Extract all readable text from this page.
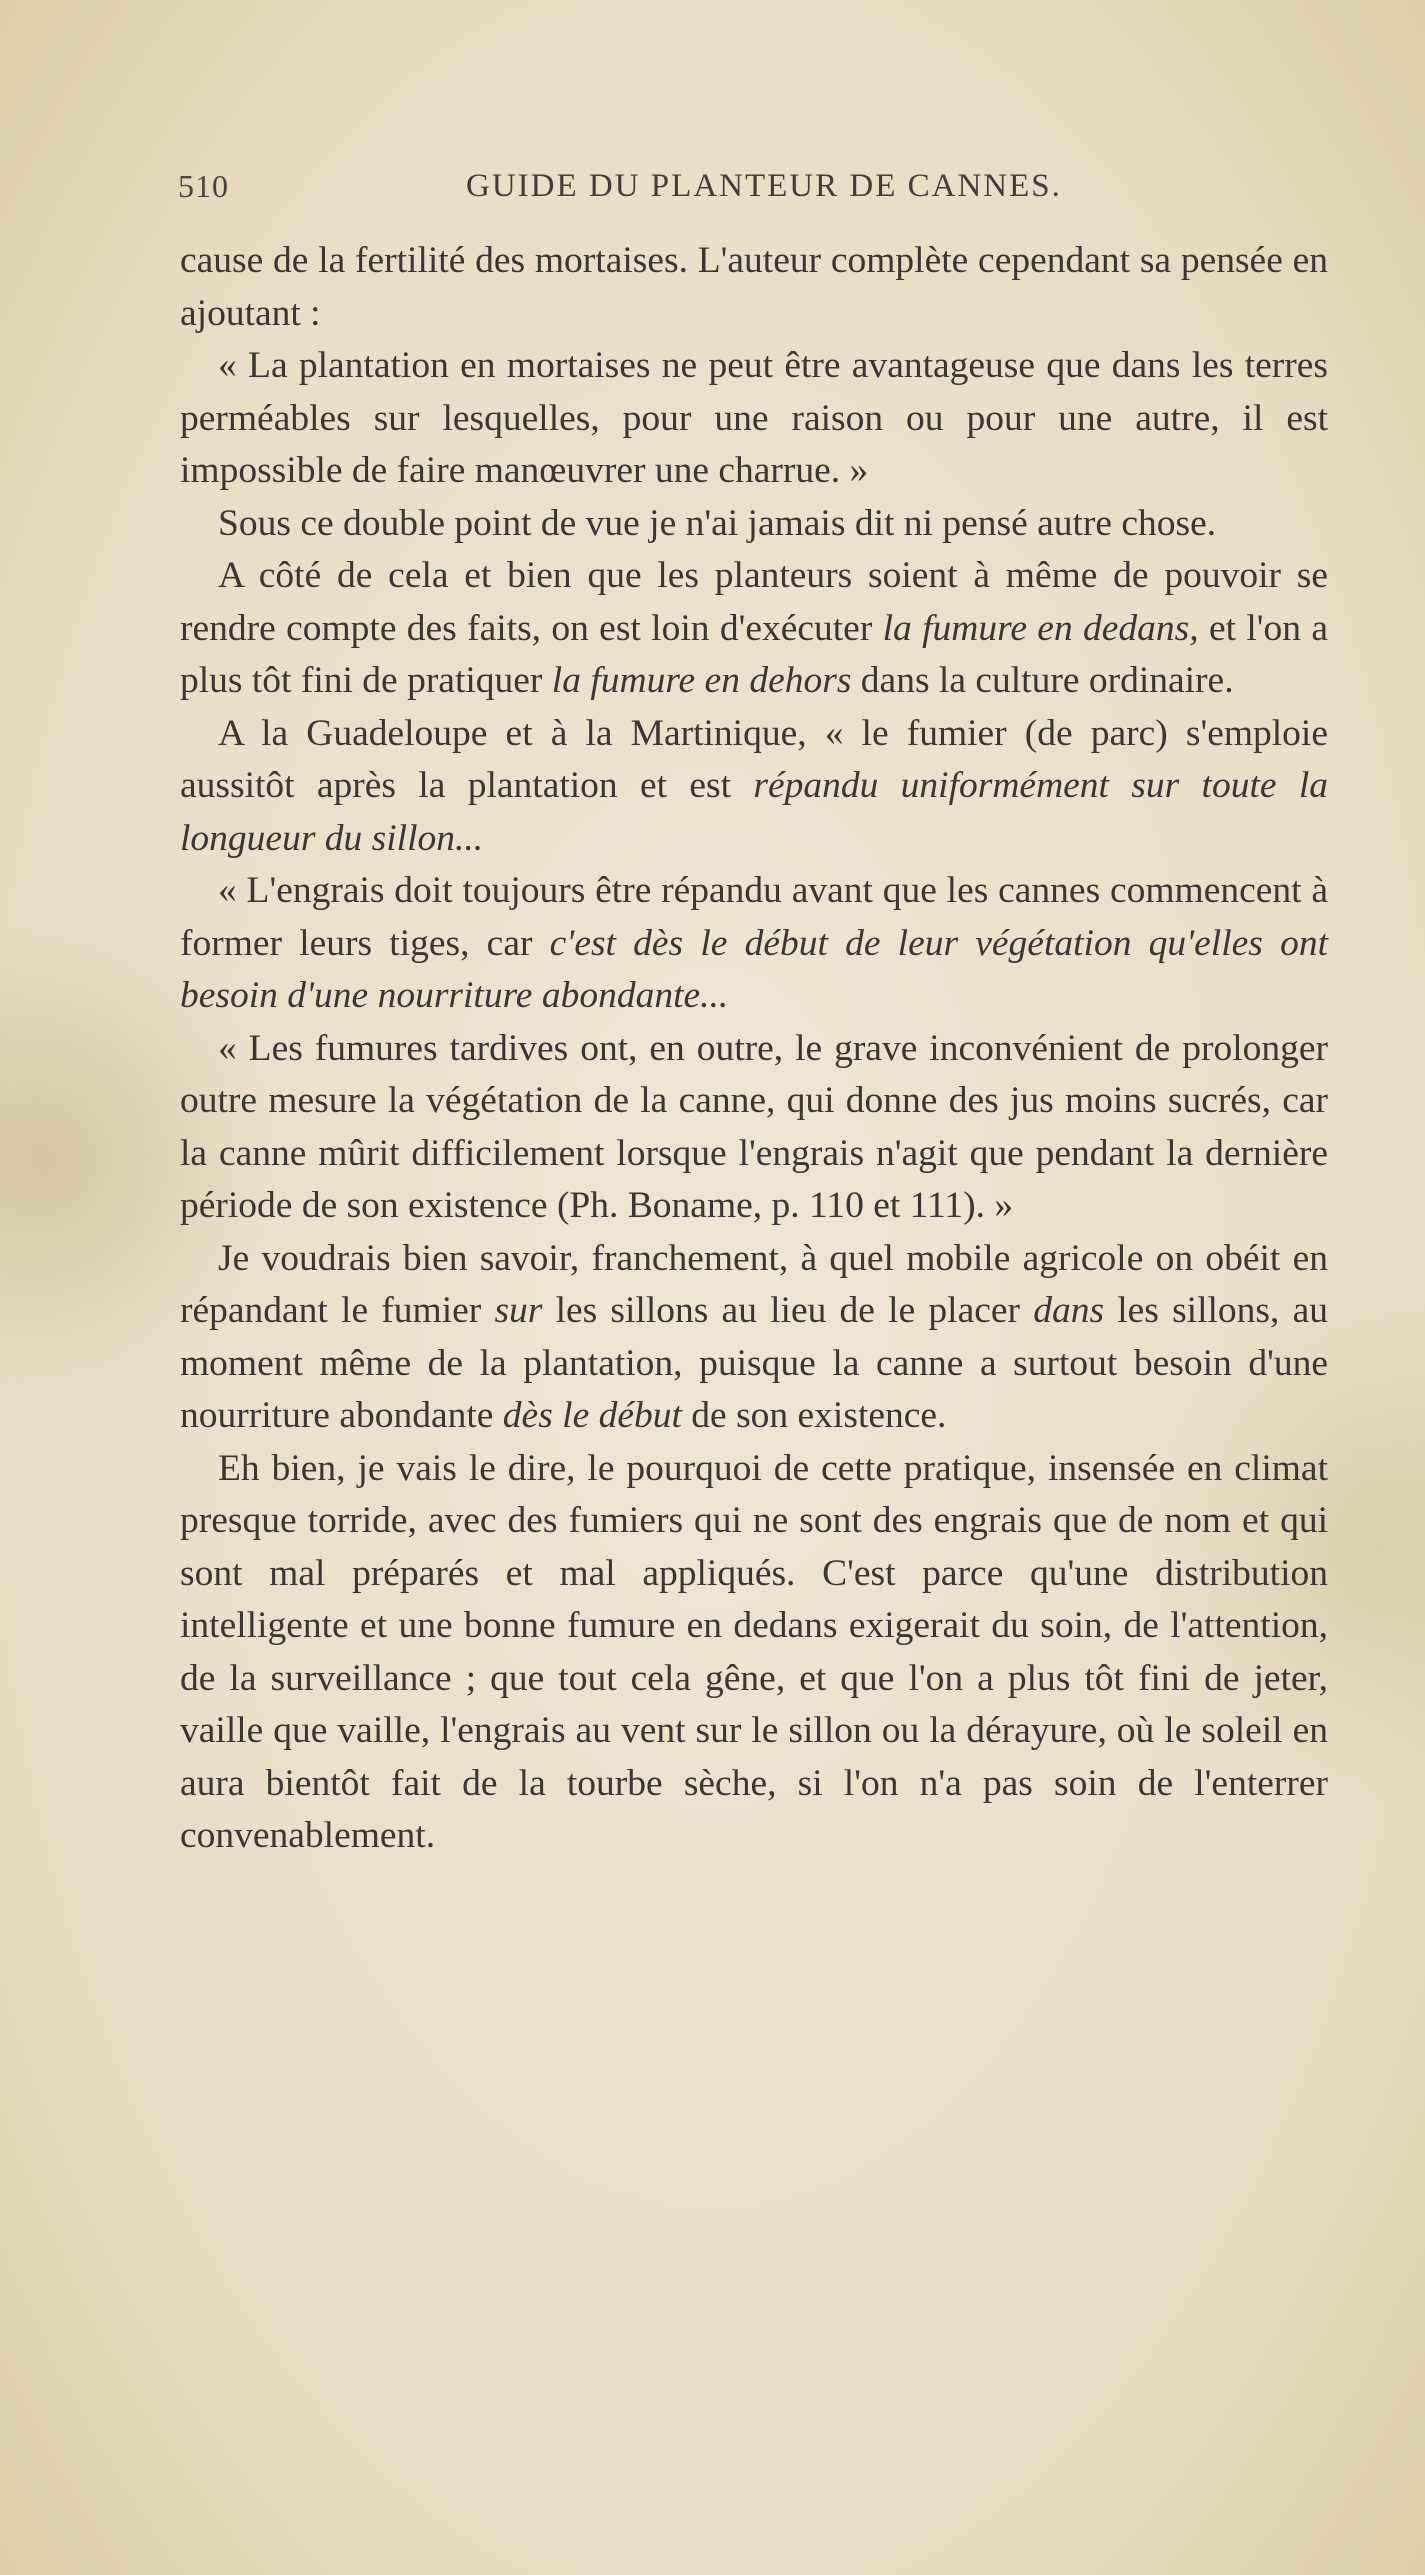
510	GUIDE DU PLANTEUR DE CANNES.

cause de la fertilité des mortaises. L'auteur complète cependant sa pensée en ajoutant :

« La plantation en mortaises ne peut être avantageuse que dans les terres perméables sur lesquelles, pour une raison ou pour une autre, il est impossible de faire manœuvrer une charrue. »

Sous ce double point de vue je n'ai jamais dit ni pensé autre chose.

A côté de cela et bien que les planteurs soient à même de pouvoir se rendre compte des faits, on est loin d'exécuter la fumure en dedans, et l'on a plus tôt fini de pratiquer la fumure en dehors dans la culture ordinaire.

A la Guadeloupe et à la Martinique, « le fumier (de parc) s'emploie aussitôt après la plantation et est répandu uniformément sur toute la longueur du sillon...

« L'engrais doit toujours être répandu avant que les cannes commencent à former leurs tiges, car c'est dès le début de leur végétation qu'elles ont besoin d'une nourriture abondante...

« Les fumures tardives ont, en outre, le grave inconvénient de prolonger outre mesure la végétation de la canne, qui donne des jus moins sucrés, car la canne mûrit difficilement lorsque l'engrais n'agit que pendant la dernière période de son existence (Ph. Boname, p. 110 et 111). »

Je voudrais bien savoir, franchement, à quel mobile agricole on obéit en répandant le fumier sur les sillons au lieu de le placer dans les sillons, au moment même de la plantation, puisque la canne a surtout besoin d'une nourriture abondante dès le début de son existence.

Eh bien, je vais le dire, le pourquoi de cette pratique, insensée en climat presque torride, avec des fumiers qui ne sont des engrais que de nom et qui sont mal préparés et mal appliqués. C'est parce qu'une distribution intelligente et une bonne fumure en dedans exigerait du soin, de l'attention, de la surveillance ; que tout cela gêne, et que l'on a plus tôt fini de jeter, vaille que vaille, l'engrais au vent sur le sillon ou la dérayure, où le soleil en aura bientôt fait de la tourbe sèche, si l'on n'a pas soin de l'enterrer convenablement.
